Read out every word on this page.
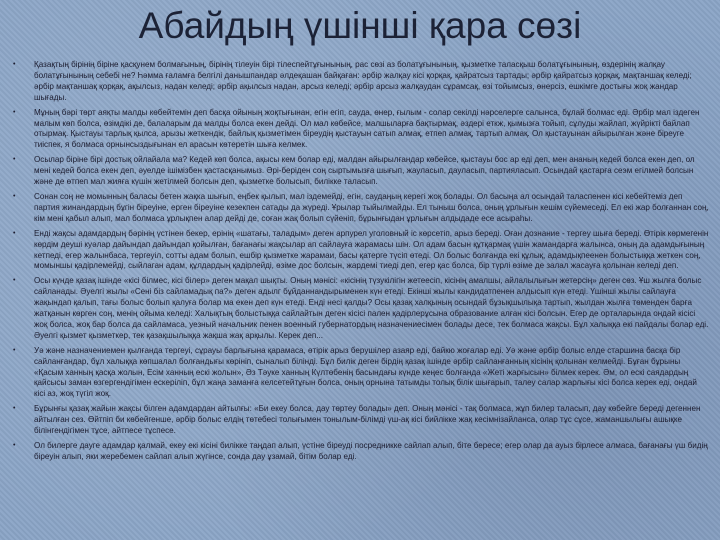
Абайдың үшінші қара сөзі
• Қазақтың бірінің біріне қасқунем болмағының, бірінің тілеуін бірі тілеспейтұғынының, рас сөзі аз болатұғынының, қызметке таласқыш болатұғынының, өздерінің жалқау болатұғынының себебі не? Һәмма ғаламға белгілі данышпандар әлдеқашан байқаған: әрбір жалқау кісі қорқақ, қайратсыз тартады; әрбір қайратсыз қорқақ, мақтаншақ келеді; әрбір мақтаншақ қорқақ, ақылсыз, надан келеді; әрбір ақылсыз надан, арсыз келеді; әрбір арсыз жалқаудан сұрамсақ, өзі тойымсыз, өнерсіз, ешкімге достығы жоқ жандар шығады.
• Мұның бәрі төрт аяқты малды көбейтемін деп басқа ойының жоқтығынан, егін егіп, сауда, өнер, ғылым - солар секілді нәрселерге салынса, бұлай болмас еді. Әрбір мал іздеген малым көп болса, өзімдікі де, балаларым да малды болса екен дейді. Ол мал көбейсе, малшыларға бақтырмақ, әздері еткж, қымызға тойып, сұлуды жайлап, жүйрікті байлап отырмақ. Қыстауы тарлық қылса, арызы жеткендік, байлық қызметімен біреудің қыстауын сатып алмақ, етпеп алмақ, тартып алмақ. Ол қыстауынан айырылған және біреуге тиіспек, я болмаса орнынсыздығынан ел арасын көтеретін шыға келмек.
• Осылар біріне бірі достық ойлайала ма? Кедей көп болса, ақысы кем болар еді, малдан айырылғандар көбейсе, қыстауы бос ар еді деп, мен ананың кедей болса екен деп, ол мені кедей болса екен деп, әуелде ішімізбен қастасқанымыз. Әрі-берiден соң сыртымызға шығып, жауласып, дауласып, партияласып. Осындай қастарға сеэм егілмей болсын және де өтпеп мал жияға күшін жетілмей болсын деп, қызметке болысып, билікке таласып.
• Сонан соң не момынның баласы бетен жақка шығып, еңбек қылып, мал іздемейді, егін, саудаңың керегі жоқ болады. Ол басыңа ал осындай таласпенен кісі кебейтемiз деп партия жинандардың бұгін біреуіне, ерген біреуіне кезекпен сатады да жүреді. Ұрылар тыйылмайды. Ел тыныш болса, оның ұрлығын кешім сүйемеседі. Ел екі жар болғаннан соң, кім мені қабыл алып, мал болмаса ұрлықпен алар дейді де, соған жақ болып сүйеніп, бұрынғыдан ұрлығын алдыдаде есе асыраһы.
• Енді жақсы адамдардың бәрінің үстінен бекер, ерінің «шатағы, таладым» деген арпурел уголовный іс көрсетіп, арыз береді. Оған дознание - тергеу шыға береді. Өтірік көрмегенін көрдім деуші куәлар дайындап дайындап қойылған, бағанағы жақсылар ап сайлауға жарамасы шін. Ол адам басын құтқармақ үшін жамандарға жалынса, оның да адамдығының кетпеді, егер жалынбаса, тергеуіл, сотты адам болып, ешбір қызметке жарамаи, басы қатерге түсіп өтеді. Ол болыс болғанда екі құлық, адамдықпеенен болыстыққа жеткен соң, момыншы қадірлемейді, сыйлаган адам, құлдардың қадірлейді, өзіме дос болсын, жардемі тиеді деп, егер қас болса, бір түрлі өзіме де залал жасауға қолынан келеді деп.
• Осы күнде қазақ ішінде «кісі білмес, кісі білер» деген мақал шықты. Оның мәнісі: «кісінің түзукілігін жетеесіп, кісінің амалшы, айлалылығын жетерсің» деген сөз. Ұш жылға болыс сайланады. Әуелгі жылы «Сені біз сайламадық па?» деген адылг бұйданнандырыменен күн етеді. Екінші жылы кандидатпенен алдысып күн етеді. Үшінші жылы сайлауға жақындап қалып, тағы болыс болып қалуға болар ма екен деп күн етеді. Енді несі қалды? Осы қазақ халқының осындай бұзықшылықа тартып, жылдан жылға төменден барға жатқанын көрген соң, менің ойыма келеді: Халықтың болыстыққа сайлайтын деген кісісі пален қадірлерұсына образование алған кісі болсын. Егер де орталарында ондай кісісі жоқ болса, жоқ бар болса да сайламаса, уезный начальник пенен военный губернатордың назначениесімен болады десе, тек болмаса жақсы. Бұл халыққа екі пайдалы болар еді. Әуелгі қызмет қызметкер, тек қазақшылыққа жақша жақ арқылы. Керек деп...
• Уә және назначениемен қылғанда тергеуі, сұрауы барлығына қарамаса, өтірік арыз берушілер азаяр еді, байкю жоғалар еді. Уә және әрбір болыс елде старшина басқа бір сайланғандар, бұл халыққа көпшалал болғандығы көрініп, сыналып білінді. Бұл билік деген бірдің қазақ ішінде әрбір сайланғанның кісінің қолынан келмейді. Бұған бұрыны «Қасым ханның қасқа жолын, Есім ханның ескі жолын», Әз Тәуке ханның Күлтөбенің басындағы күнде кеңес болғанда «Жеті жарғысын» білмек керек. Әм, ол ескі саядардың қайсысы заман өзгергендігімен ескеріліп, бұл жаңа заманға келсетейтұғын болса, оның орнына татымды толық білік шығарып, талеу салар жарлығы кісі болса керек еді, ондай кісі аз, жоқ түгіл жоқ.
• Бұрынғы қазақ жайын жақсы білген адамдардан айтылғы: «Би екеу болса, дау төртеу болады» деп. Оның мәнісі - тақ болмаса, жұп билер таласып, дау көбейге береді дегеннен айтылған сез. Өйтпіп би көбейгенше, әрбір болыс елдің төтебесі толығымен тонылым-білімді үш-ақ кісі бийлікке жақ кесімнізайланса, олар тұс сұсе, жаманшылығы ашықке білінгендігімен тұсе, айтпесе тұспесе.
• Ол билерге дауге адамдар қалмай, екеу екі кісіні билікке таңдап алып, үстіне біреуді посредникке сайлап алып, біте бересе; егер олар да ауыз бірлесе алмаса, бағанағы үш бидің біреуін алып, яки жеребемен сайлап алып жүгінсе, сонда дау ұзамай, бітім болар еді.
